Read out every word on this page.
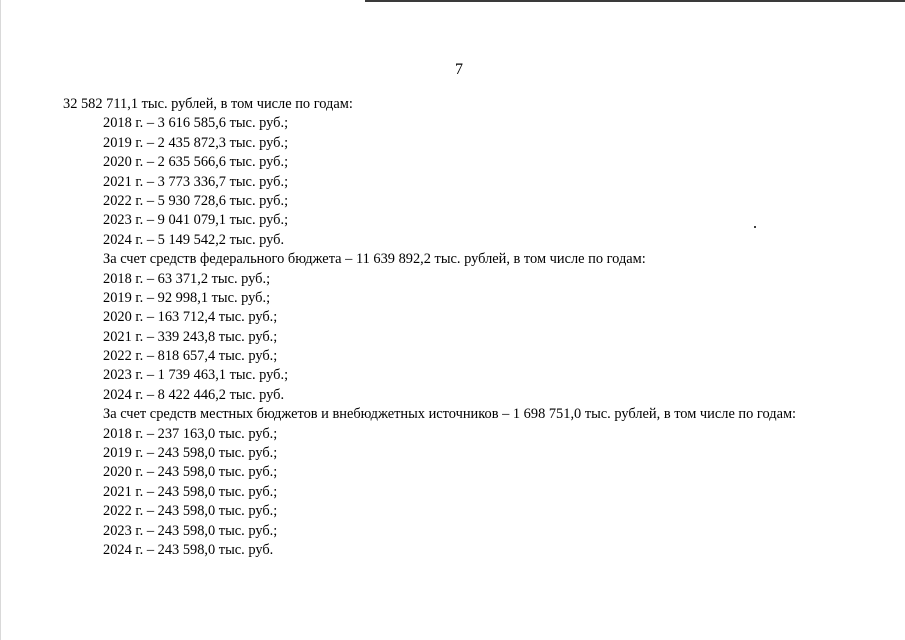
7
32 582 711,1 тыс. рублей, в том числе по годам:
2018 г. – 3 616 585,6 тыс. руб.;
2019 г. – 2 435 872,3 тыс. руб.;
2020 г. – 2 635 566,6 тыс. руб.;
2021 г. – 3 773 336,7 тыс. руб.;
2022 г. – 5 930 728,6 тыс. руб.;
2023 г. – 9 041 079,1 тыс. руб.;
2024 г. – 5 149 542,2 тыс. руб.
За счет средств федерального бюджета – 11 639 892,2 тыс. рублей, в том числе по годам:
2018 г. – 63 371,2 тыс. руб.;
2019 г. – 92 998,1 тыс. руб.;
2020 г. – 163 712,4 тыс. руб.;
2021 г. – 339 243,8 тыс. руб.;
2022 г. – 818 657,4 тыс. руб.;
2023 г. – 1 739 463,1 тыс. руб.;
2024 г. – 8 422 446,2 тыс. руб.
За счет средств местных бюджетов и внебюджетных источников – 1 698 751,0 тыс. рублей, в том числе по годам:
2018 г. – 237 163,0 тыс. руб.;
2019 г. – 243 598,0 тыс. руб.;
2020 г. – 243 598,0 тыс. руб.;
2021 г. – 243 598,0 тыс. руб.;
2022 г. – 243 598,0 тыс. руб.;
2023 г. – 243 598,0 тыс. руб.;
2024 г. – 243 598,0 тыс. руб.
